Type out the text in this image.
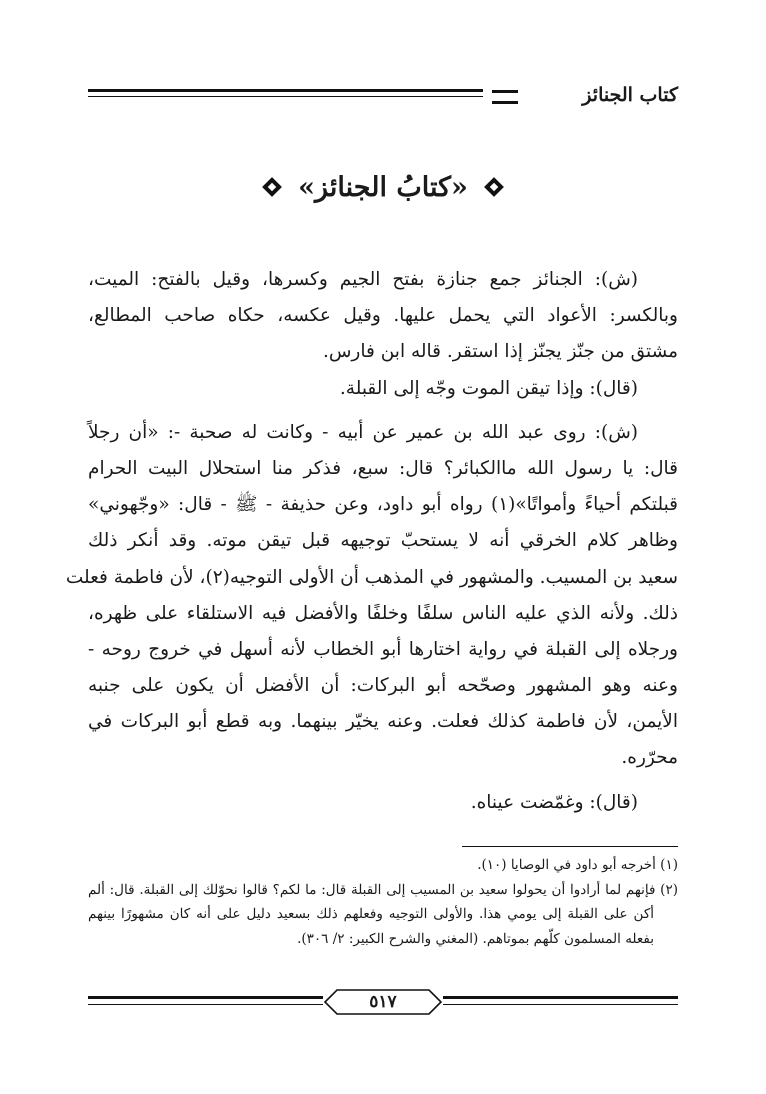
كتاب الجنائز
«كتابُ الجنائز»
(ش): الجنائز جمع جنازة بفتح الجيم وكسرها، وقيل بالفتح: الميت،
وبالكسر: الأعواد التي يحمل عليها. وقيل عكسه، حكاه صاحب المطالع،
مشتق من جنّز يجنّز إذا استقر. قاله ابن فارس.
(قال): وإذا تيقن الموت وجّه إلى القبلة.
(ش): روى عبد الله بن عمير عن أبيه - وكانت له صحبة -: «أن رجلاً
قال: يا رسول الله ماالكبائر؟ قال: سبع، فذكر منا استحلال البيت الحرام
قبلتكم أحياءً وأمواتًا»(١) رواه أبو داود، وعن حذيفة - ﷺ - قال: «وجّهوني»
وظاهر كلام الخرقي أنه لا يستحبّ توجيهه قبل تيقن موته. وقد أنكر ذلك
سعيد بن المسيب. والمشهور في المذهب أن الأولى التوجيه(٢)، لأن فاطمة فعلت
ذلك. ولأنه الذي عليه الناس سلفًا وخلفًا والأفضل فيه الاستلقاء على ظهره،
ورجلاه إلى القبلة في رواية اختارها أبو الخطاب لأنه أسهل في خروج روحه -
وعنه وهو المشهور وصحّحه أبو البركات: أن الأفضل أن يكون على جنبه
الأيمن، لأن فاطمة كذلك فعلت. وعنه يخيّر بينهما. وبه قطع أبو البركات في
محرّره.
(قال): وغمّضت عيناه.
(١) أخرجه أبو داود في الوصايا (١٠).
(٢) فإنهم لما أرادوا أن يحولوا سعيد بن المسيب إلى القبلة قال: ما لكم؟ قالوا نحوّلك إلى القبلة. قال: ألم
أكن على القبلة إلى يومي هذا. والأولى التوجيه وفعلهم ذلك بسعيد دليل على أنه كان مشهورًا بينهم
بفعله المسلمون كلّهم بموتاهم. (المغني والشرح الكبير: ٢/ ٣٠٦).
٥١٧
